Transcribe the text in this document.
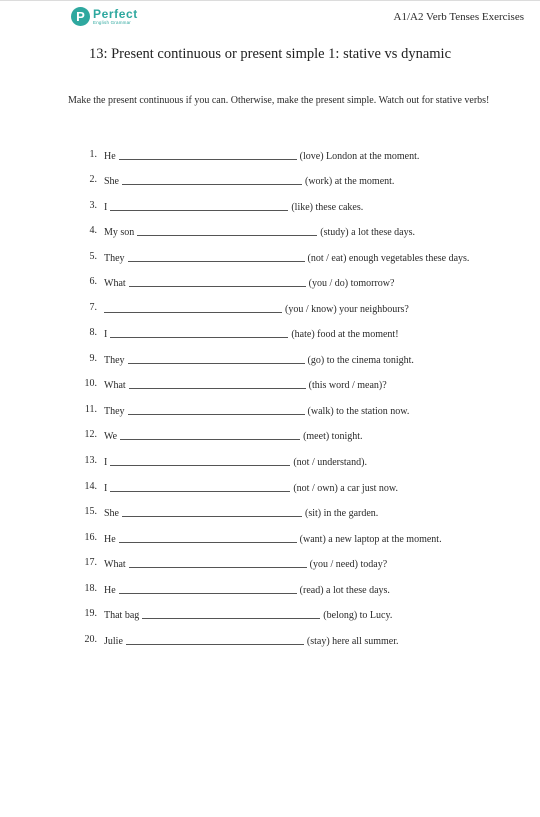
P Perfect
English Grammar	A1/A2 Verb Tenses Exercises
13: Present continuous or present simple 1: stative vs dynamic
Make the present continuous if you can. Otherwise, make the present simple. Watch out for stative verbs!
1. He	(love) London at the moment.
2. She	(work) at the moment.
3. I	(like) these cakes.
4. My son	(study) a lot these days.
5. They	(not / eat) enough vegetables these days.
6. What	(you / do) tomorrow?
7.	(you / know) your neighbours?
8. I	(hate) food at the moment!
9. They	(go) to the cinema tonight.
10. What	(this word / mean)?
11. They	(walk) to the station now.
12. We	(meet) tonight.
13. I	(not / understand).
14. I	(not / own) a car just now.
15. She	(sit) in the garden.
16. He	(want) a new laptop at the moment.
17. What	(you / need) today?
18. He	(read) a lot these days.
19. That bag	(belong) to Lucy.
20. Julie	(stay) here all summer.
